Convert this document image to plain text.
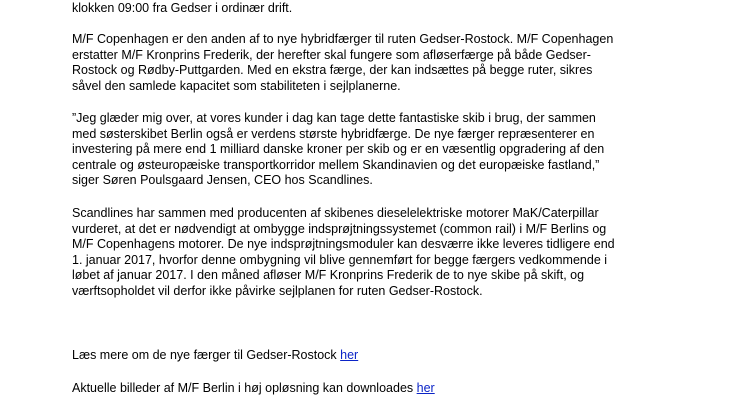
klokken 09:00 fra Gedser i ordinær drift.

M/F Copenhagen er den anden af to nye hybridfærger til ruten Gedser-Rostock. M/F Copenhagen
erstatter M/F Kronprins Frederik, der herefter skal fungere som afløserfærge på både Gedser-
Rostock og Rødby-Puttgarden. Med en ekstra færge, der kan indsættes på begge ruter, sikres
såvel den samlede kapacitet som stabiliteten i sejlplanerne.

”Jeg glæder mig over, at vores kunder i dag kan tage dette fantastiske skib i brug, der sammen
med søsterskibet Berlin også er verdens største hybridfærge. De nye færger repræsenterer en
investering på mere end 1 milliard danske kroner per skib og er en væsentlig opgradering af den
centrale og østeuropæiske transportkorridor mellem Skandinavien og det europæiske fastland,”
siger Søren Poulsgaard Jensen, CEO hos Scandlines.

Scandlines har sammen med producenten af skibenes dieselelektriske motorer MaK/Caterpillar
vurderet, at det er nødvendigt at ombygge indsprøjtningssystemet (common rail) i M/F Berlins og
M/F Copenhagens motorer. De nye indsprøjtningsmoduler kan desværre ikke leveres tidligere end
1. januar 2017, hvorfor denne ombygning vil blive gennemført for begge færgers vedkommende i
løbet af januar 2017. I den måned afløser M/F Kronprins Frederik de to nye skibe på skift, og
værftsopholdet vil derfor ikke påvirke sejlplanen for ruten Gedser-Rostock.

Læs mere om de nye færger til Gedser-Rostock her

Aktuelle billeder af M/F Berlin i høj opløsning kan downloades her
